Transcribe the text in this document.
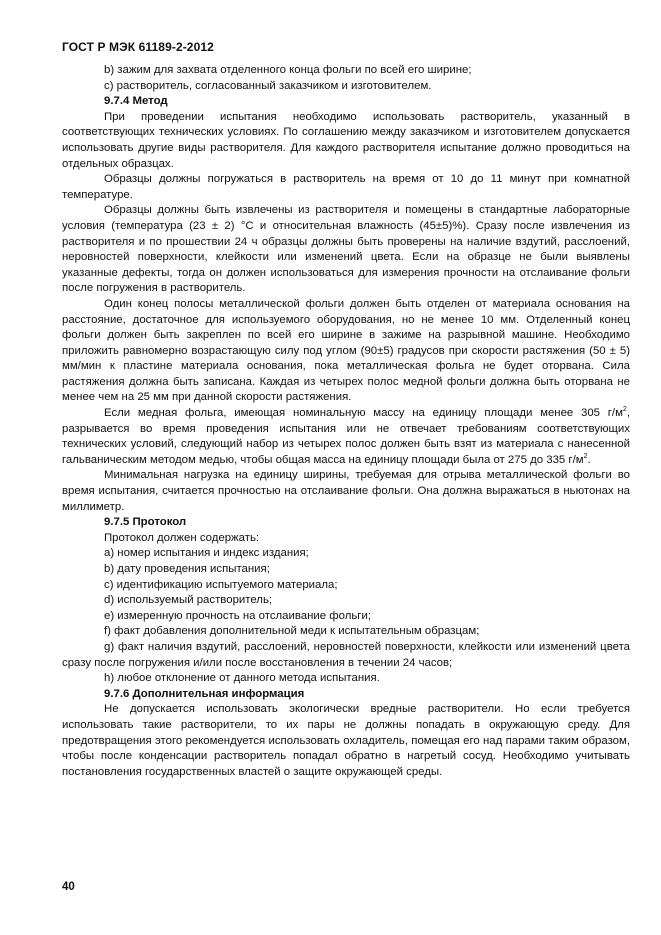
ГОСТ Р МЭК 61189-2-2012

b) зажим для захвата отделенного конца фольги по всей его ширине;

с) растворитель, согласованный заказчиком и изготовителем.

9.7.4 Метод

При проведении испытания необходимо использовать растворитель, указанный в соответствующих технических условиях. По соглашению между заказчиком и изготовителем допускается использовать другие виды растворителя. Для каждого растворителя испытание должно проводиться на отдельных образцах.

Образцы должны погружаться в растворитель на время от 10 до 11 минут при комнатной температуре.

Образцы должны быть извлечены из растворителя и помещены в стандартные лабораторные условия (температура (23 ± 2) °С и относительная влажность (45±5)%). Сразу после извлечения из растворителя и по прошествии 24 ч образцы должны быть проверены на наличие вздутий, расслоений, неровностей поверхности, клейкости или изменений цвета. Если на образце не были выявлены указанные дефекты, тогда он должен использоваться для измерения прочности на отслаивание фольги после погружения в растворитель.

Один конец полосы металлической фольги должен быть отделен от материала основания на расстояние, достаточное для используемого оборудования, но не менее 10 мм. Отделенный конец фольги должен быть закреплен по всей его ширине в зажиме на разрывной машине. Необходимо приложить равномерно возрастающую силу под углом (90±5) градусов при скорости растяжения (50 ± 5) мм/мин к пластине материала основания, пока металлическая фольга не будет оторвана. Сила растяжения должна быть записана. Каждая из четырех полос медной фольги должна быть оторвана не менее чем на 25 мм при данной скорости растяжения.

Если медная фольга, имеющая номинальную массу на единицу площади менее 305 $г/м^2$, разрывается во время проведения испытания или не отвечает требованиям соответствующих технических условий, следующий набор из четырех полос должен быть взят из материала с нанесенной гальваническим методом медью, чтобы общая масса на единицу площади была от 275 до 335 $г/м^2$.

Минимальная нагрузка на единицу ширины, требуемая для отрыва металлической фольги во время испытания, считается прочностью на отслаивание фольги. Она должна выражаться в ньютонах на миллиметр.

9.7.5 Протокол

Протокол должен содержать:

а) номер испытания и индекс издания;

b) дату проведения испытания;

с) идентификацию испытуемого материала;

d) используемый растворитель;

е) измеренную прочность на отслаивание фольги;

f) факт добавления дополнительной меди к испытательным образцам;

g) факт наличия вздутий, расслоений, неровностей поверхности, клейкости или изменений цвета сразу после погружения и/или после восстановления в течении 24 часов;

h) любое отклонение от данного метода испытания.

9.7.6 Дополнительная информация

Не допускается использовать экологически вредные растворители. Но если требуется использовать такие растворители, то их пары не должны попадать в окружающую среду. Для предотвращения этого рекомендуется использовать охладитель, помещая его над парами таким образом, чтобы после конденсации растворитель попадал обратно в нагретый сосуд. Необходимо учитывать постановления государственных властей о защите окружающей среды.

40
